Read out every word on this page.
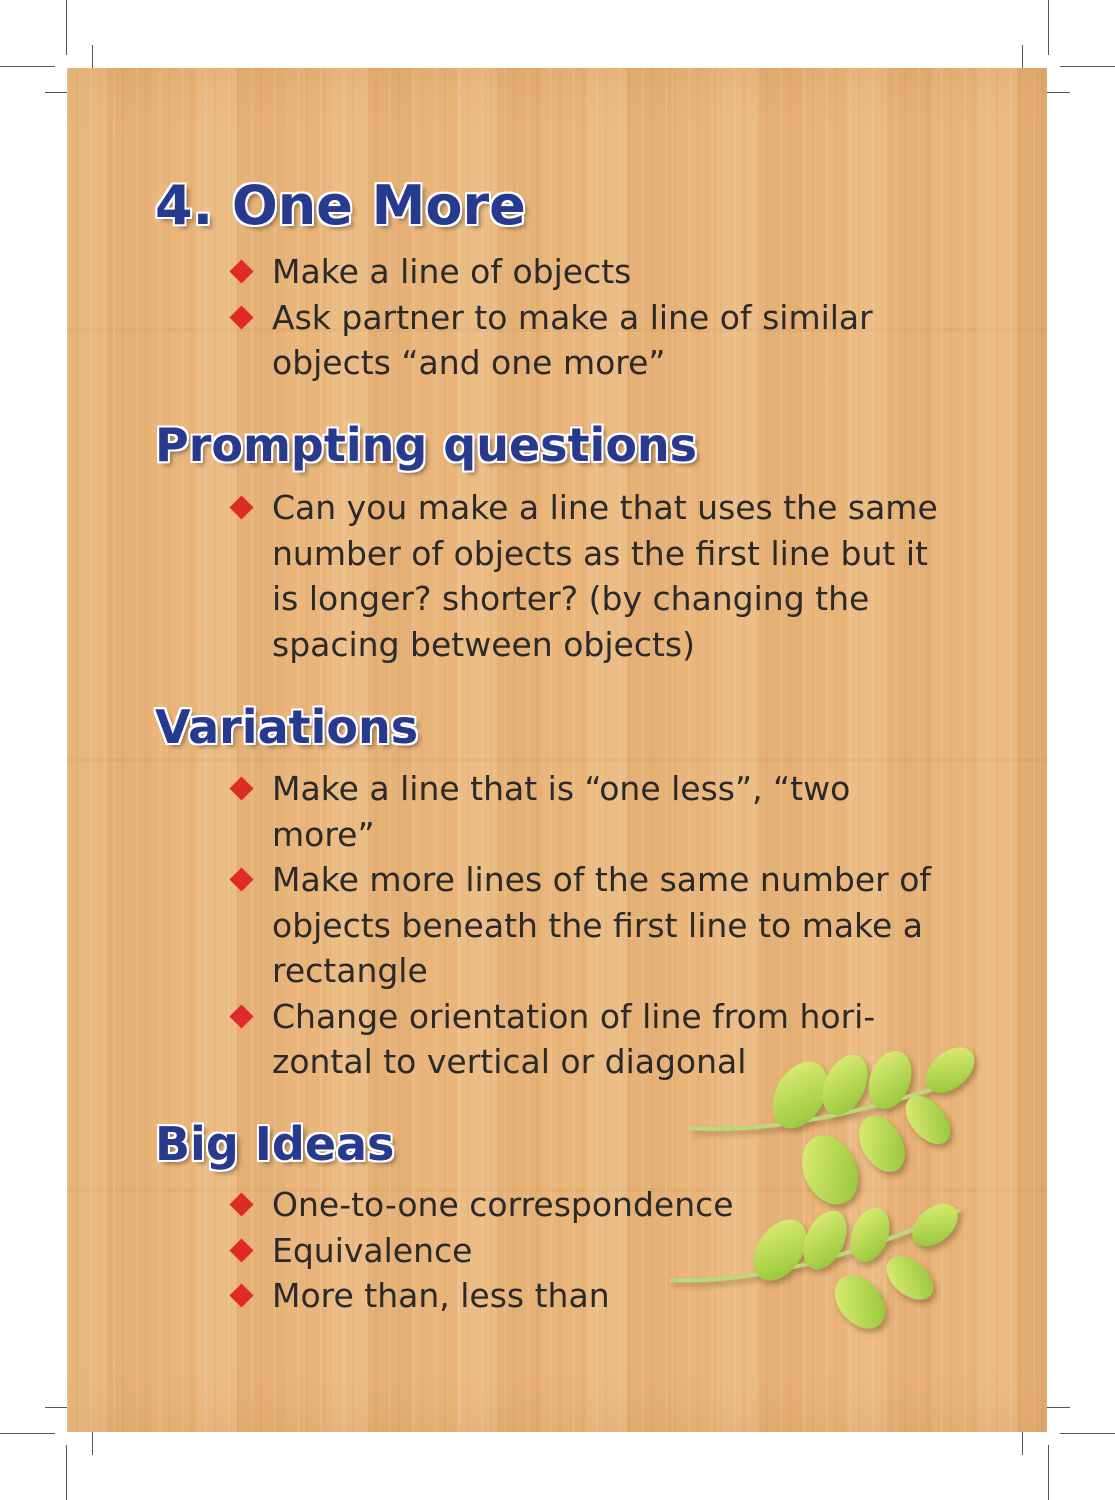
4. One More
Make a line of objects
Ask partner to make a line of similar objects “and one more”
Prompting questions
Can you make a line that uses the same number of objects as the first line but it is longer? shorter? (by changing the spacing between objects)
Variations
Make a line that is “one less”, “two more”
Make more lines of the same number of objects beneath the first line to make a rectangle
Change orientation of line from hori-zontal to vertical or diagonal
Big Ideas
One-to-one correspondence
Equivalence
More than, less than
